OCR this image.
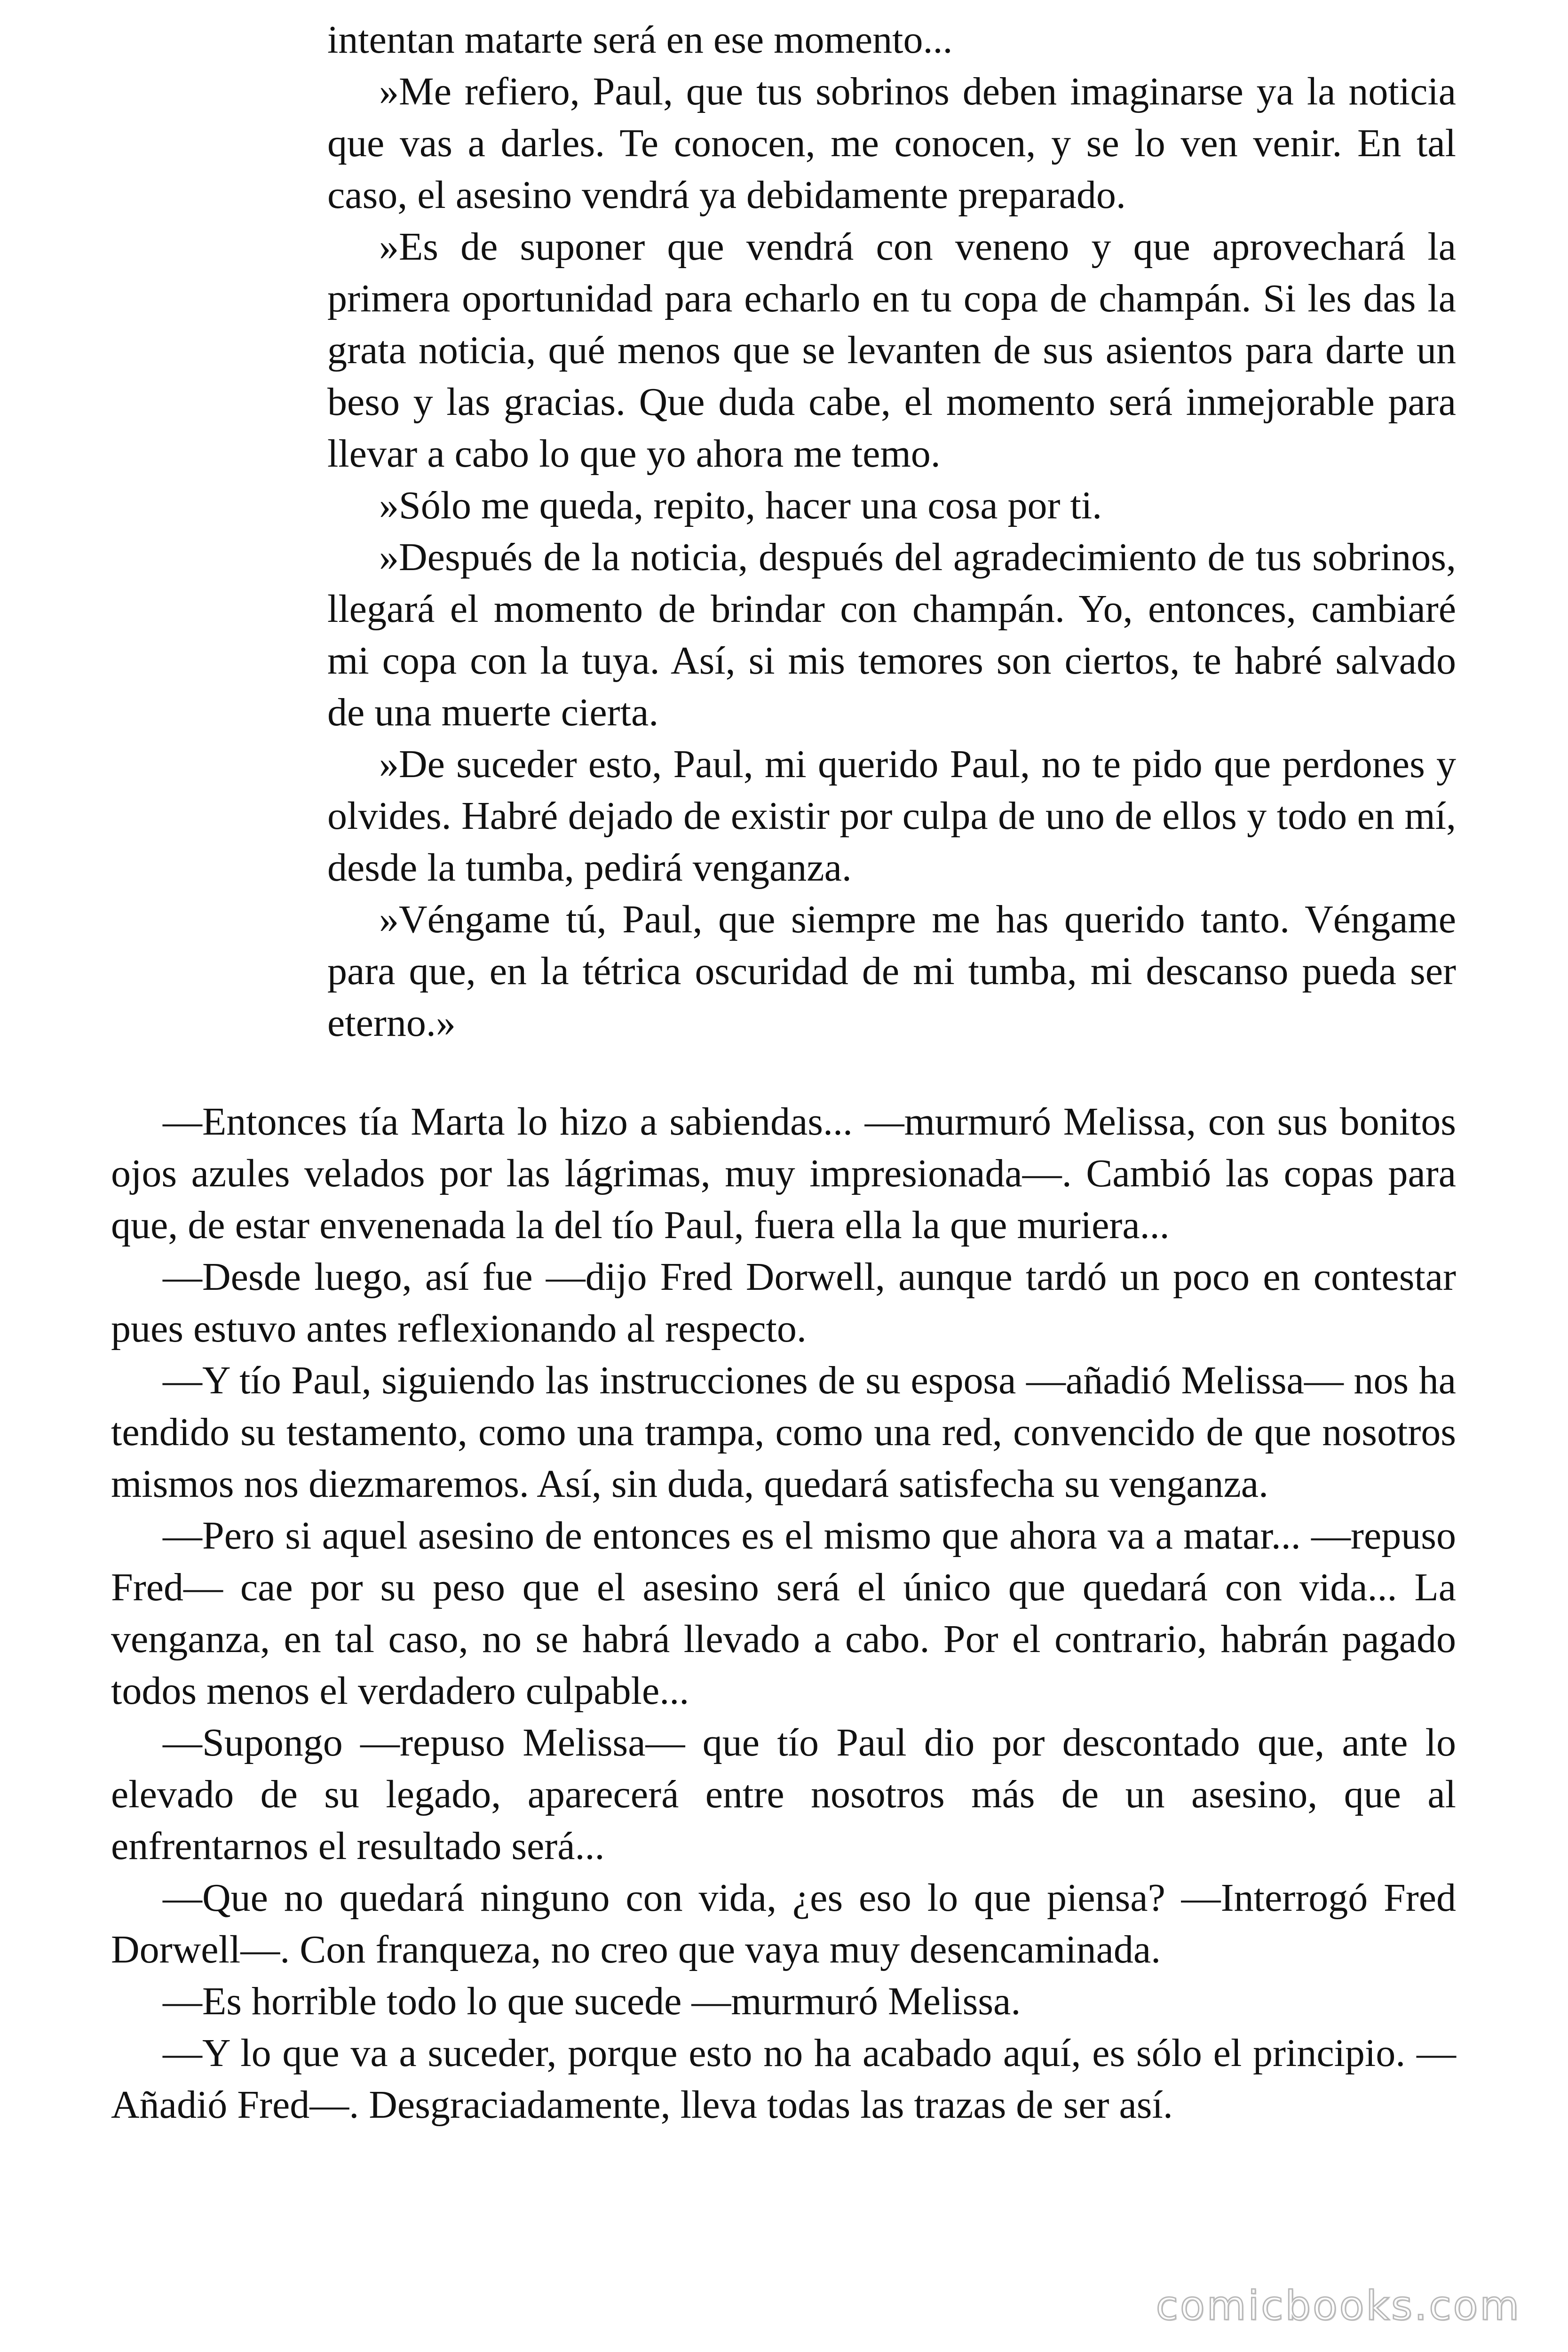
intentan matarte será en ese momento...

»Me refiero, Paul, que tus sobrinos deben imaginarse ya la noticia que vas a darles. Te conocen, me conocen, y se lo ven venir. En tal caso, el asesino vendrá ya debidamente preparado.

»Es de suponer que vendrá con veneno y que aprovechará la primera oportunidad para echarlo en tu copa de champán. Si les das la grata noticia, qué menos que se levanten de sus asientos para darte un beso y las gracias. Que duda cabe, el momento será inmejorable para llevar a cabo lo que yo ahora me temo.

»Sólo me queda, repito, hacer una cosa por ti.

»Después de la noticia, después del agradecimiento de tus sobrinos, llegará el momento de brindar con champán. Yo, entonces, cambiaré mi copa con la tuya. Así, si mis temores son ciertos, te habré salvado de una muerte cierta.

»De suceder esto, Paul, mi querido Paul, no te pido que perdones y olvides. Habré dejado de existir por culpa de uno de ellos y todo en mí, desde la tumba, pedirá venganza.

»Véngame tú, Paul, que siempre me has querido tanto. Véngame para que, en la tétrica oscuridad de mi tumba, mi descanso pueda ser eterno.»

—Entonces tía Marta lo hizo a sabiendas... —murmuró Melissa, con sus bonitos ojos azules velados por las lágrimas, muy impresionada—. Cambió las copas para que, de estar envenenada la del tío Paul, fuera ella la que muriera...

—Desde luego, así fue —dijo Fred Dorwell, aunque tardó un poco en contestar pues estuvo antes reflexionando al respecto.

—Y tío Paul, siguiendo las instrucciones de su esposa —añadió Melissa— nos ha tendido su testamento, como una trampa, como una red, convencido de que nosotros mismos nos diezmaremos. Así, sin duda, quedará satisfecha su venganza.

—Pero si aquel asesino de entonces es el mismo que ahora va a matar... —repuso Fred— cae por su peso que el asesino será el único que quedará con vida... La venganza, en tal caso, no se habrá llevado a cabo. Por el contrario, habrán pagado todos menos el verdadero culpable...

—Supongo —repuso Melissa— que tío Paul dio por descontado que, ante lo elevado de su legado, aparecerá entre nosotros más de un asesino, que al enfrentarnos el resultado será...

—Que no quedará ninguno con vida, ¿es eso lo que piensa? —Interrogó Fred Dorwell—. Con franqueza, no creo que vaya muy desencaminada.

—Es horrible todo lo que sucede —murmuró Melissa.

—Y lo que va a suceder, porque esto no ha acabado aquí, es sólo el principio. —Añadió Fred—. Desgraciadamente, lleva todas las trazas de ser así.

comicbooks.com
